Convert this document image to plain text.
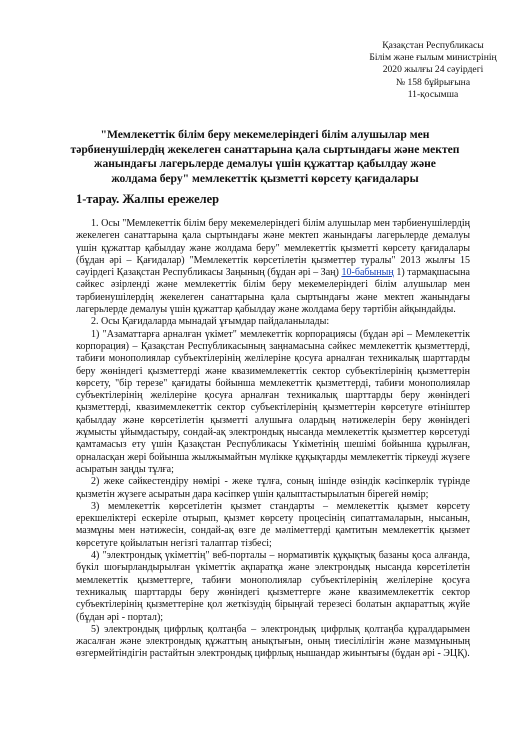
Қазақстан Республикасы
Білім және ғылым министрінің
2020 жылғы 24 сәуірдегі
№ 158 бұйрығына
11-қосымша
"Мемлекеттік білім беру мекемелеріндегі білім алушылар мен тәрбиенушілердің жекелеген санаттарына қала сыртындағы және мектеп жанындағы лагерьлерде демалуы үшін құжаттар қабылдау және жолдама беру" мемлекеттік қызметті көрсету қағидалары
1-тарау. Жалпы ережелер

1. Осы "Мемлекеттік білім беру мекемелеріндегі білім алушылар мен тәрбиенушілердің жекелеген санаттарына қала сыртындағы және мектеп жанындағы лагерьлерде демалуы үшін құжаттар қабылдау және жолдама беру" мемлекеттік қызметті көрсету қағидалары (бұдан әрі – Қағидалар) "Мемлекеттік көрсетілетін қызметтер туралы" 2013 жылғы 15 сәуірдегі Қазақстан Республикасы Заңының (бұдан әрі – Заң) 10-бабының 1) тармақшасына сәйкес әзірленді және мемлекеттік білім беру мекемелеріндегі білім алушылар мен тәрбиенушілердің жекелеген санаттарына қала сыртындағы және мектеп жанындағы лагерьлерде демалуы үшін құжаттар қабылдау және жолдама беру тәртібін айқындайды.

2. Осы Қағидаларда мынадай ұғымдар пайдаланылады:

1) "Азаматтарға арналған үкімет" мемлекеттік корпорациясы (бұдан әрі – Мемлекеттік корпорация) – Қазақстан Республикасының заңнамасына сәйкес мемлекеттік қызметтерді, табиғи монополиялар субъектілерінің желілеріне қосуға арналған техникалық шарттарды беру жөніндегі қызметтерді және квазимемлекеттік сектор субъектілерінің қызметтерін көрсету, "бір терезе" қағидаты бойынша мемлекеттік қызметтерді, табиғи монополиялар субъектілерінің желілеріне қосуға арналған техникалық шарттарды беру жөніндегі қызметтерді, квазимемлекеттік сектор субъектілерінің қызметтерін көрсетуге өтініштер қабылдау және көрсетілетін қызметті алушыға олардың нәтижелерін беру жөніндегі жұмысты ұйымдастыру, сондай-ақ электрондық нысанда мемлекеттік қызметтер көрсетуді қамтамасыз ету үшін Қазақстан Республикасы Үкіметінің шешімі бойынша құрылған, орналасқан жері бойынша жылжымайтын мүлікке құқықтарды мемлекеттік тіркеуді жүзеге асыратын заңды тұлға;

2) жеке сәйкестендіру нөмірі - жеке тұлға, соның ішінде өзіндік кәсіпкерлік түрінде қызметін жүзеге асыратын дара кәсіпкер үшін қалыптастырылатын бірегей нөмір;

3) мемлекеттік көрсетілетін қызмет стандарты – мемлекеттік қызмет көрсету ерекшеліктері ескеріле отырып, қызмет көрсету процесінің сипаттамаларын, нысанын, мазмұны мен нәтижесін, сондай-ақ өзге де мәліметтерді қамтитын мемлекеттік қызмет көрсетуге қойылатын негізгі талаптар тізбесі;

4) "электрондық үкіметтің" веб-порталы – нормативтік құқықтық базаны қоса алғанда, бүкіл шоғырландырылған үкіметтік ақпаратқа және электрондық нысанда көрсетілетін мемлекеттік қызметтерге, табиғи монополиялар субъектілерінің желілеріне қосуға техникалық шарттарды беру жөніндегі қызметтерге және квазимемлекеттік сектор субъектілерінің қызметтеріне қол жеткізудің бірыңғай терезесі болатын ақпараттық жүйе (бұдан әрі - портал);

5) электрондық цифрлық қолтаңба – электрондық цифрлық қолтаңба құралдарымен жасалған және электрондық құжаттың анықтығын, оның тиесілілігін және мазмұнының өзгермейтіндігін растайтын электрондық цифрлық нышандар жиынтығы (бұдан әрі - ЭЦҚ).
